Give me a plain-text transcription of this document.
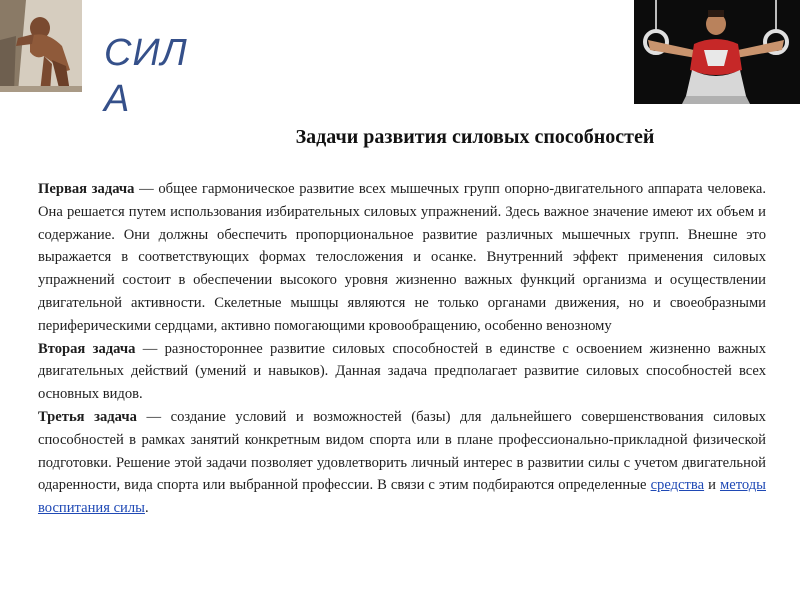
СИЛ
А
Задачи развития силовых способностей

Первая задача — общее гармоническое развитие всех мышечных групп опорно-двигательного аппарата человека. Она решается путем использования избирательных силовых упражнений. Здесь важное значение имеют их объем и содержание. Они должны обеспечить пропорциональное развитие различных мышечных групп. Внешне это выражается в соответствующих формах телосложения и осанке. Внутренний эффект применения силовых упражнений состоит в обеспечении высокого уровня жизненно важных функций организма и осуществлении двигательной активности. Скелетные мышцы являются не только органами движения, но и своеобразными периферическими сердцами, активно помогающими кровообращению, особенно венозному

Вторая задача — разностороннее развитие силовых способностей в единстве с освоением жизненно важных двигательных действий (умений и навыков). Данная задача предполагает развитие силовых способностей всех основных видов.

Третья задача — создание условий и возможностей (базы) для дальнейшего совершенствования силовых способностей в рамках занятий конкретным видом спорта или в плане профессионально-прикладной физической подготовки. Решение этой задачи позволяет удовлетворить личный интерес в развитии силы с учетом двигательной одаренности, вида спорта или выбранной профессии. В связи с этим подбираются определенные средства и методы воспитания силы.
